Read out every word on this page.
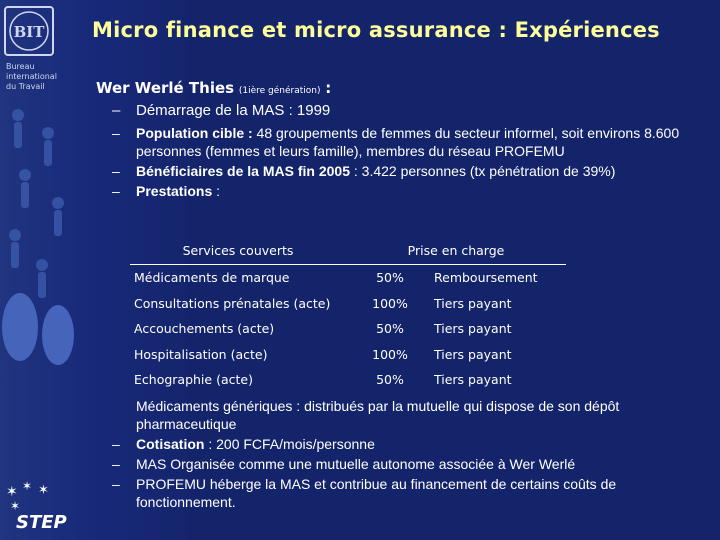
BIT
Bureau
international
du Travail
✶ ✶ ✶
✶
STEP
Micro finance et micro assurance : Expériences
Wer Werlé Thies (1ière génération) :
– Démarrage de la MAS : 1999
– Population cible : 48 groupements de femmes du secteur informel, soit environs 8.600 personnes (femmes et leurs famille), membres du réseau PROFEMU
– Bénéficiaires de la MAS fin 2005 : 3.422 personnes (tx pénétration de 39%)
– Prestations :
Services couverts	Prise en charge	
Médicaments de marque	50%	Remboursement
Consultations prénatales (acte)	100%	Tiers payant
Accouchements (acte)	50%	Tiers payant
Hospitalisation (acte)	100%	Tiers payant
Echographie (acte)	50%	Tiers payant
Médicaments génériques : distribués par la mutuelle qui dispose de son dépôt pharmaceutique
– Cotisation : 200 FCFA/mois/personne
– MAS Organisée comme une mutuelle autonome associée à Wer Werlé
– PROFEMU héberge la MAS et contribue au financement de certains coûts de fonctionnement.
